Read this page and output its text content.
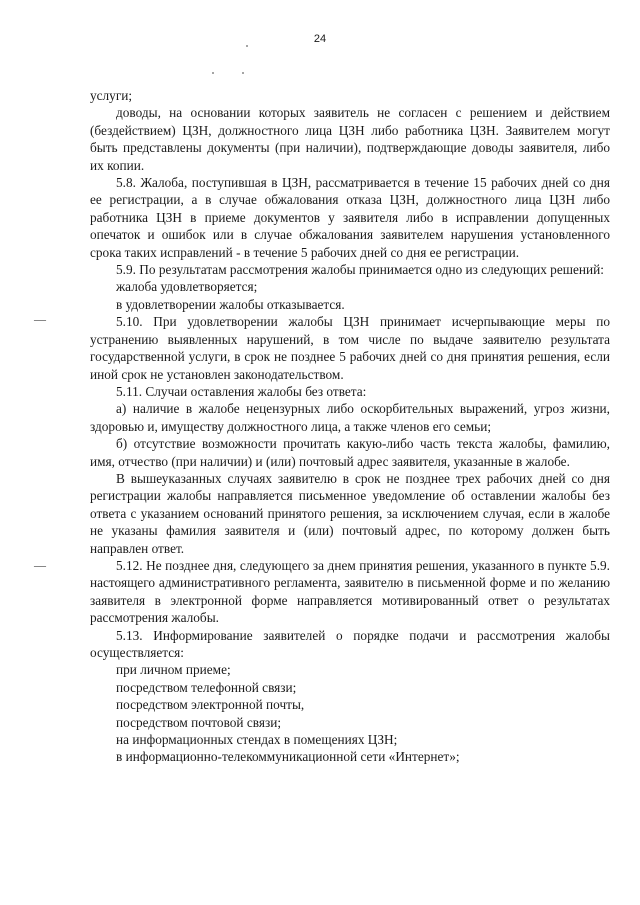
24
—
—

услуги;

доводы, на основании которых заявитель не согласен с решением и действием (бездействием) ЦЗН, должностного лица ЦЗН либо работника ЦЗН. Заявителем могут быть представлены документы (при наличии), подтверждающие доводы заявителя, либо их копии.

5.8. Жалоба, поступившая в ЦЗН, рассматривается в течение 15 рабочих дней со дня ее регистрации, а в случае обжалования отказа ЦЗН, должностного лица ЦЗН либо работника ЦЗН в приеме документов у заявителя либо в исправлении допущенных опечаток и ошибок или в случае обжалования заявителем нарушения установленного срока таких исправлений - в течение 5 рабочих дней со дня ее регистрации.

5.9. По результатам рассмотрения жалобы принимается одно из следующих решений:

жалоба удовлетворяется;

в удовлетворении жалобы отказывается.

5.10. При удовлетворении жалобы ЦЗН принимает исчерпывающие меры по устранению выявленных нарушений, в том числе по выдаче заявителю результата государственной услуги, в срок не позднее 5 рабочих дней со дня принятия решения, если иной срок не установлен законодательством.

5.11. Случаи оставления жалобы без ответа:

а) наличие в жалобе нецензурных либо оскорбительных выражений, угроз жизни, здоровью и, имуществу должностного лица, а также членов его семьи;

б) отсутствие возможности прочитать какую-либо часть текста жалобы, фамилию, имя, отчество (при наличии) и (или) почтовый адрес заявителя, указанные в жалобе.

В вышеуказанных случаях заявителю в срок не позднее трех рабочих дней со дня регистрации жалобы направляется письменное уведомление об оставлении жалобы без ответа с указанием оснований принятого решения, за исключением случая, если в жалобе не указаны фамилия заявителя и (или) почтовый адрес, по которому должен быть направлен ответ.

5.12. Не позднее дня, следующего за днем принятия решения, указанного в пункте 5.9. настоящего административного регламента, заявителю в письменной форме и по желанию заявителя в электронной форме направляется мотивированный ответ о результатах рассмотрения жалобы.

5.13. Информирование заявителей о порядке подачи и рассмотрения жалобы осуществляется:

при личном приеме;

посредством телефонной связи;

посредством электронной почты,

посредством почтовой связи;

на информационных стендах в помещениях ЦЗН;

в информационно-телекоммуникационной сети «Интернет»;
